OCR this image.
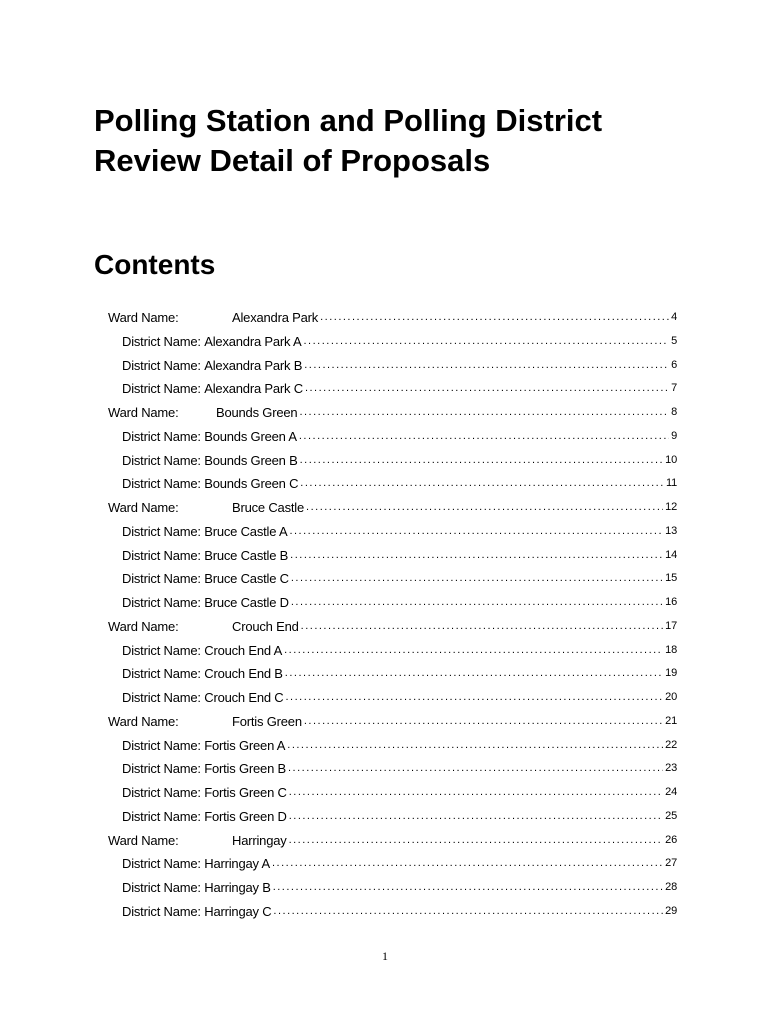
Polling Station and Polling District
Review Detail of Proposals
Contents
Ward Name:	Alexandra Park .....	4
District Name:
Alexandra Park A .....	5
District Name:
Alexandra Park B .....	6
District Name:
Alexandra Park C .....	7
Ward Name:	Bounds Green .....	8
District Name:
Bounds Green A .....	9
District Name:
Bounds Green B .....	10
District Name:
Bounds Green C .....	11
Ward Name:	Bruce Castle .....	12
District Name:
Bruce Castle A .....	13
District Name:
Bruce Castle B .....	14
District Name:
Bruce Castle C .....	15
District Name:
Bruce Castle D .....	16
Ward Name:	Crouch End .....	17
District Name:
Crouch End A .....	18
District Name:
Crouch End B .....	19
District Name:
Crouch End C .....	20
Ward Name:	Fortis Green .....	21
District Name:
Fortis Green A .....	22
District Name:
Fortis Green B .....	23
District Name:
Fortis Green C .....	24
District Name:
Fortis Green D .....	25
Ward Name:	Harringay .....	26
District Name:
Harringay A .....	27
District Name:
Harringay B .....	28
District Name:
Harringay C .....	29
1
